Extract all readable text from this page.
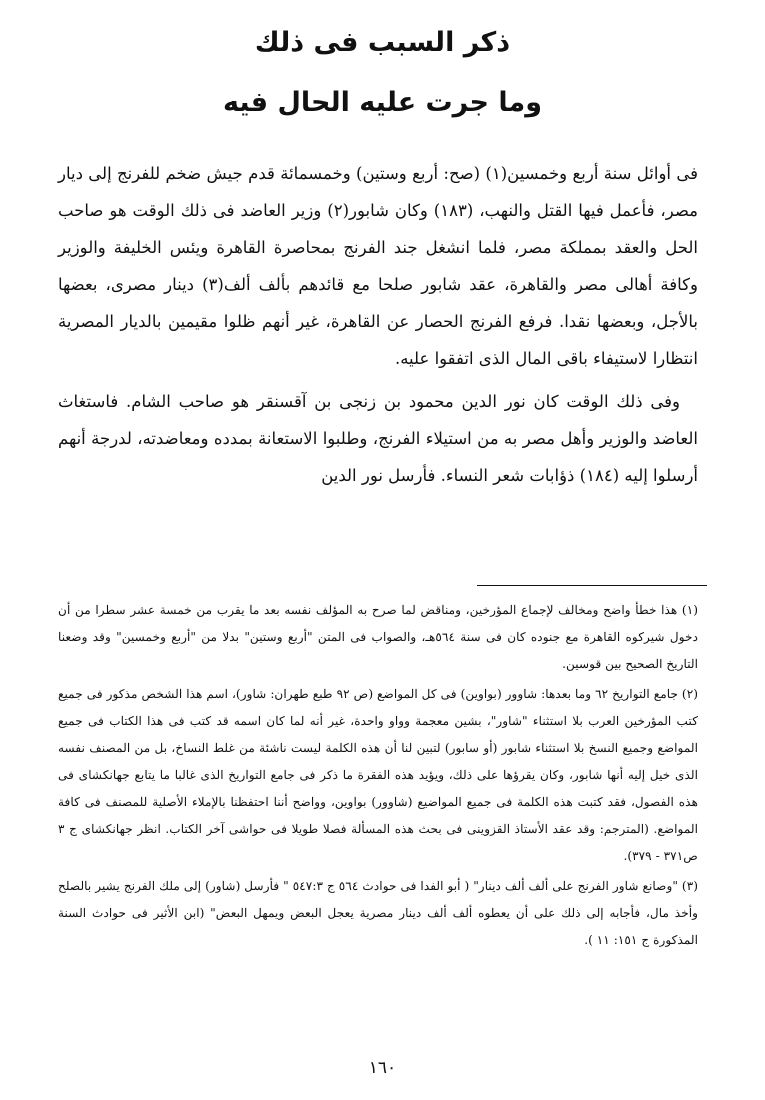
ذكر السبب فى ذلك
وما جرت عليه الحال فيه

فى أوائل سنة أربع وخمسين(١) (صح: أربع وستين) وخمسمائة قدم جيش ضخم للفرنج إلى ديار مصر، فأعمل فيها القتل والنهب، (١٨٣) وكان شابور(٢) وزير العاضد فى ذلك الوقت هو صاحب الحل والعقد بمملكة مصر، فلما انشغل جند الفرنج بمحاصرة القاهرة ويئس الخليفة والوزير وكافة أهالى مصر والقاهرة، عقد شابور صلحا مع قائدهم بألف ألف(٣) دينار مصرى، بعضها بالأجل، وبعضها نقدا. فرفع الفرنج الحصار عن القاهرة، غير أنهم ظلوا مقيمين بالديار المصرية انتظارا لاستيفاء باقى المال الذى اتفقوا عليه.

وفى ذلك الوقت كان نور الدين محمود بن زنجى بن آقسنقر هو صاحب الشام. فاستغاث العاضد والوزير وأهل مصر به من استيلاء الفرنج، وطلبوا الاستعانة بمدده ومعاضدته، لدرجة أنهم أرسلوا إليه (١٨٤) ذؤابات شعر النساء. فأرسل نور الدين

(١) هذا خطأ واضح ومخالف لإجماع المؤرخين، ومناقض لما صرح به المؤلف نفسه بعد ما يقرب من خمسة عشر سطرا من أن دخول شيركوه القاهرة مع جنوده كان فى سنة ٥٦٤هـ، والصواب فى المتن "أربع وستين" بدلا من "أربع وخمسين" وقد وضعنا التاريخ الصحيح بين قوسين.

(٢) جامع التواريخ ٦٢ وما بعدها: شاوور (بواوين) فى كل المواضع (ص ٩٢ طبع طهران: شاور)، اسم هذا الشخص مذكور فى جميع كتب المؤرخين العرب بلا استثناء "شاور"، بشين معجمة وواو واحدة، غير أنه لما كان اسمه قد كتب فى هذا الكتاب فى جميع المواضع وجميع النسخ بلا استثناء شابور (أو سابور) لتبين لنا أن هذه الكلمة ليست ناشئة من غلط النساخ، بل من المصنف نفسه الذى خيل إليه أنها شابور، وكان يقرؤها على ذلك، ويؤيد هذه الفقرة ما ذكر فى جامع التواريخ الذى غالبا ما يتابع جهانكشاى فى هذه الفصول، فقد كتبت هذه الكلمة فى جميع المواضيع (شاوور) بواوين، وواضح أننا احتفظنا بالإملاء الأصلية للمصنف فى كافة المواضع. (المترجم: وقد عقد الأستاذ القزوينى فى بحث هذه المسألة فصلا طويلا فى حواشى آخر الكتاب. انظر جهانكشاى ج ٣ ص٣٧١ - ٣٧٩).

(٣) "وصانع شاور الفرنج على ألف ألف دينار" ( أبو الفدا فى حوادث ٥٦٤ ج ٥٤٧:٣ " فأرسل (شاور) إلى ملك الفرنج يشير بالصلح وأخذ مال، فأجابه إلى ذلك على أن يعطوه ألف ألف دينار مصرية يعجل البعض ويمهل البعض" (ابن الأثير فى حوادث السنة المذكورة ج ١٥١: ١١ ).

١٦٠
